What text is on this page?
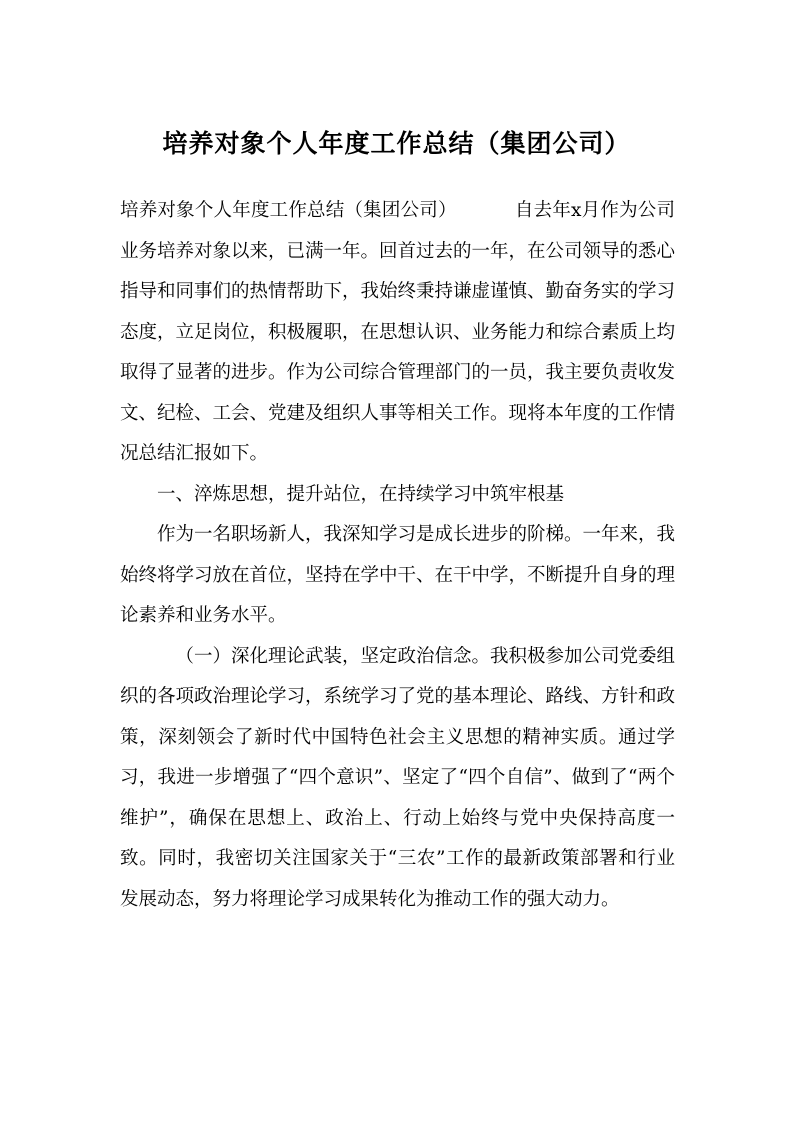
培养对象个人年度工作总结（集团公司）

培养对象个人年度工作总结（集团公司）	自去年x月作为公司业务培养对象以来，已满一年。回首过去的一年，在公司领导的悉心指导和同事们的热情帮助下，我始终秉持谦虚谨慎、勤奋务实的学习态度，立足岗位，积极履职，在思想认识、业务能力和综合素质上均取得了显著的进步。作为公司综合管理部门的一员，我主要负责收发文、纪检、工会、党建及组织人事等相关工作。现将本年度的工作情况总结汇报如下。

一、淬炼思想，提升站位，在持续学习中筑牢根基

作为一名职场新人，我深知学习是成长进步的阶梯。一年来，我始终将学习放在首位，坚持在学中干、在干中学，不断提升自身的理论素养和业务水平。

（一）深化理论武装，坚定政治信念。我积极参加公司党委组织的各项政治理论学习，系统学习了党的基本理论、路线、方针和政策，深刻领会了新时代中国特色社会主义思想的精神实质。通过学习，我进一步增强了“四个意识”、坚定了“四个自信”、做到了“两个维护”，确保在思想上、政治上、行动上始终与党中央保持高度一致。同时，我密切关注国家关于“三农”工作的最新政策部署和行业发展动态，努力将理论学习成果转化为推动工作的强大动力。
